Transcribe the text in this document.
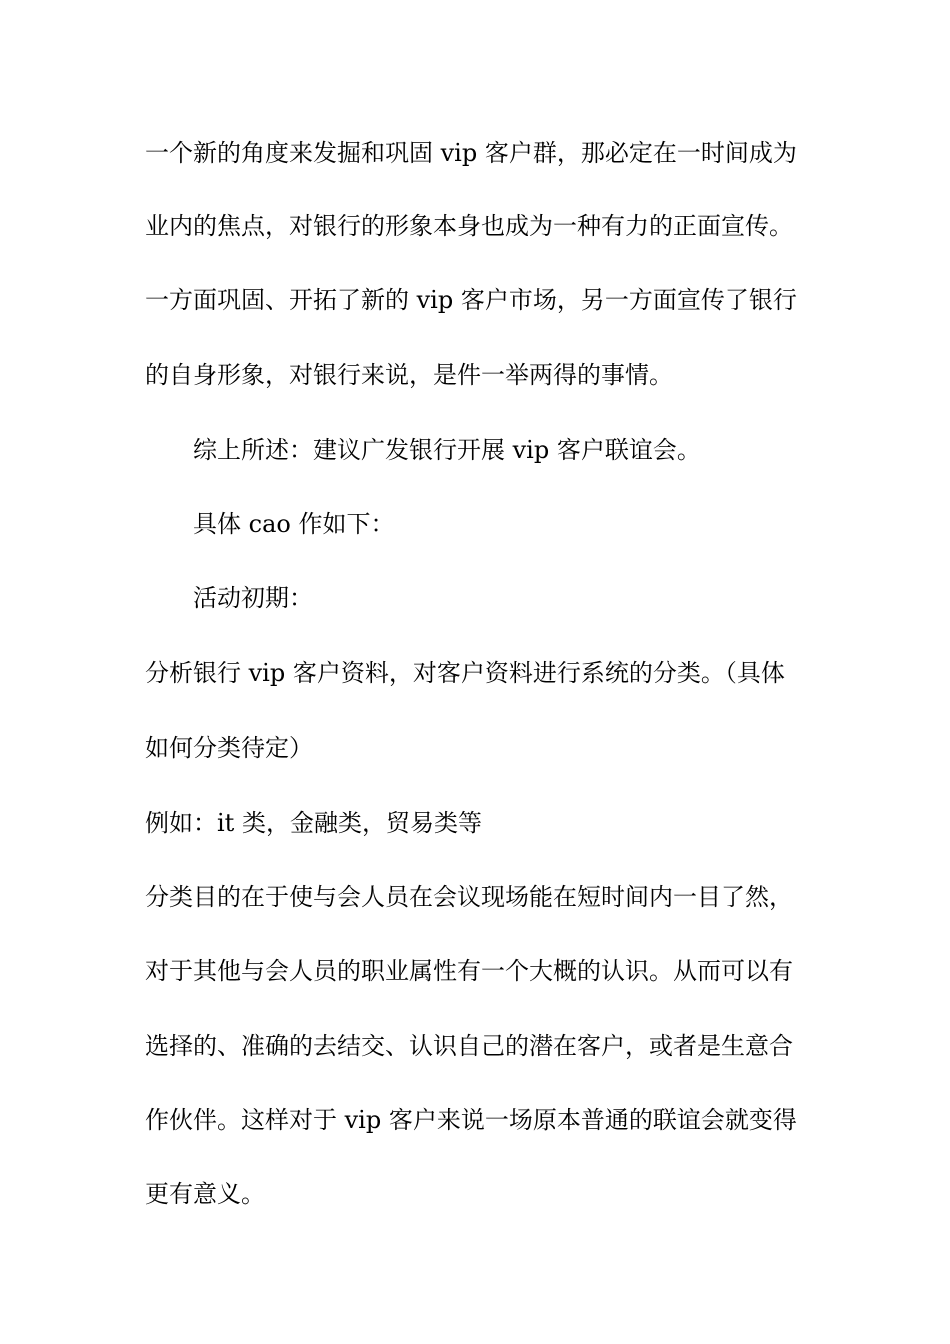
一个新的角度来发掘和巩固 vip 客户群，那必定在一时间成为
业内的焦点，对银行的形象本身也成为一种有力的正面宣传。
一方面巩固、开拓了新的 vip 客户市场，另一方面宣传了银行
的自身形象，对银行来说，是件一举两得的事情。
综上所述：建议广发银行开展 vip 客户联谊会。
具体 cao 作如下：
活动初期：
分析银行 vip 客户资料，对客户资料进行系统的分类。（具体
如何分类待定）
例如：it 类，金融类，贸易类等
分类目的在于使与会人员在会议现场能在短时间内一目了然，
对于其他与会人员的职业属性有一个大概的认识。从而可以有
选择的、准确的去结交、认识自己的潜在客户，或者是生意合
作伙伴。这样对于 vip 客户来说一场原本普通的联谊会就变得
更有意义。
